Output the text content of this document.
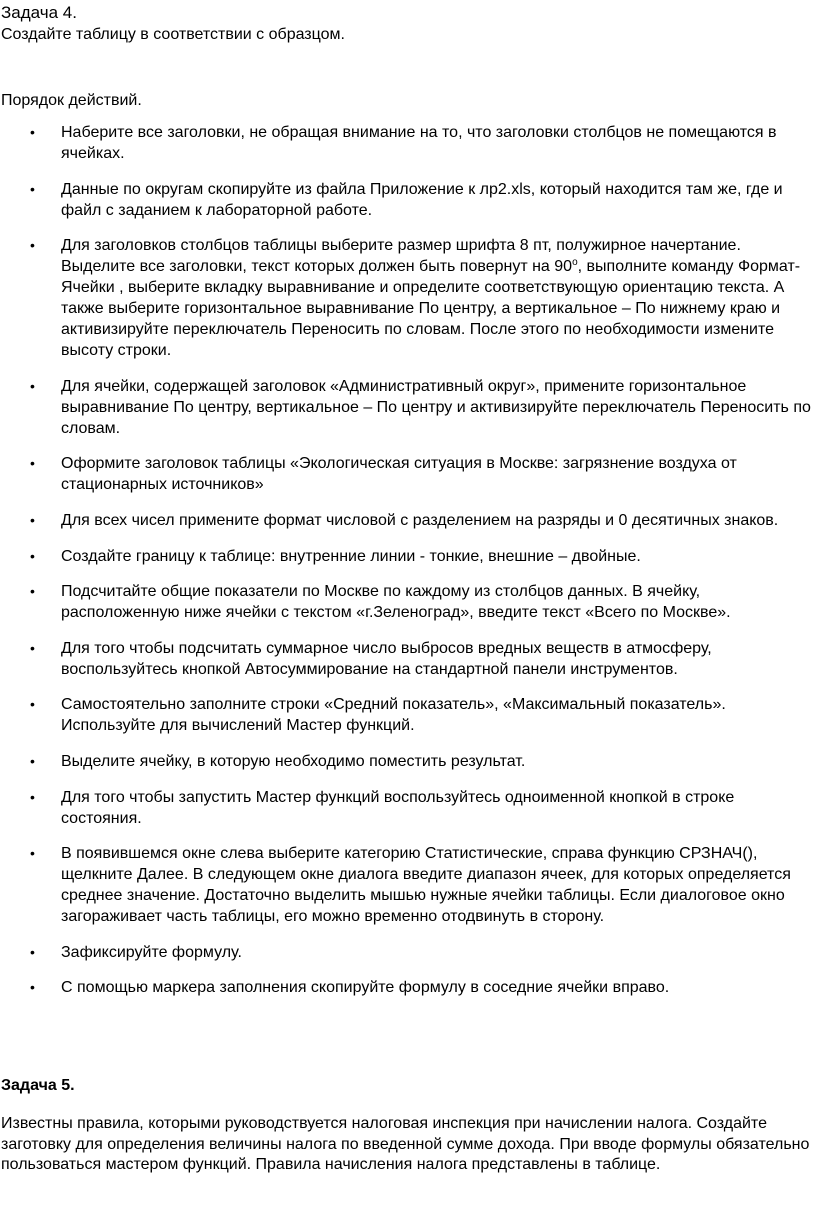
Задача 4.
Создайте таблицу в соответствии с образцом.
Порядок действий.
• Наберите все заголовки, не обращая внимание на то, что заголовки столбцов не помещаются в ячейках.
• Данные по округам скопируйте из файла Приложение к лр2.xls, который находится там же, где и файл с заданием к лабораторной работе.
• Для заголовков столбцов таблицы выберите размер шрифта 8 пт, полужирное начертание. Выделите все заголовки, текст которых должен быть повернут на $90^о$, выполните команду Формат-Ячейки , выберите вкладку выравнивание и определите соответствующую ориентацию текста. А также выберите горизонтальное выравнивание По центру, а вертикальное – По нижнему краю и активизируйте переключатель Переносить по словам. После этого по необходимости измените высоту строки.
• Для ячейки, содержащей заголовок «Административный округ», примените горизонтальное выравнивание По центру, вертикальное – По центру и активизируйте переключатель Переносить по словам.
• Оформите заголовок таблицы «Экологическая ситуация в Москве: загрязнение воздуха от стационарных источников»
• Для всех чисел примените формат числовой с разделением на разряды и 0 десятичных знаков.
• Создайте границу к таблице: внутренние линии - тонкие, внешние – двойные.
• Подсчитайте общие показатели по Москве по каждому из столбцов данных. В ячейку, расположенную ниже ячейки с текстом «г.Зеленоград», введите текст «Всего по Москве».
• Для того чтобы подсчитать суммарное число выбросов вредных веществ в атмосферу, воспользуйтесь кнопкой Автосуммирование на стандартной панели инструментов.
• Самостоятельно заполните строки «Средний показатель», «Максимальный показатель». Используйте для вычислений Мастер функций.
• Выделите ячейку, в которую необходимо поместить результат.
• Для того чтобы запустить Мастер функций воспользуйтесь одноименной кнопкой в строке состояния.
• В появившемся окне слева выберите категорию Статистические, справа функцию СРЗНАЧ(), щелкните Далее. В следующем окне диалога введите диапазон ячеек, для которых определяется среднее значение. Достаточно выделить мышью нужные ячейки таблицы. Если диалоговое окно загораживает часть таблицы, его можно временно отодвинуть в сторону.
• Зафиксируйте формулу.
• С помощью маркера заполнения скопируйте формулу в соседние ячейки вправо.
Задача 5.
Известны правила, которыми руководствуется налоговая инспекция при начислении налога. Создайте заготовку для определения величины налога по введенной сумме дохода. При вводе формулы обязательно пользоваться мастером функций. Правила начисления налога представлены в таблице.
